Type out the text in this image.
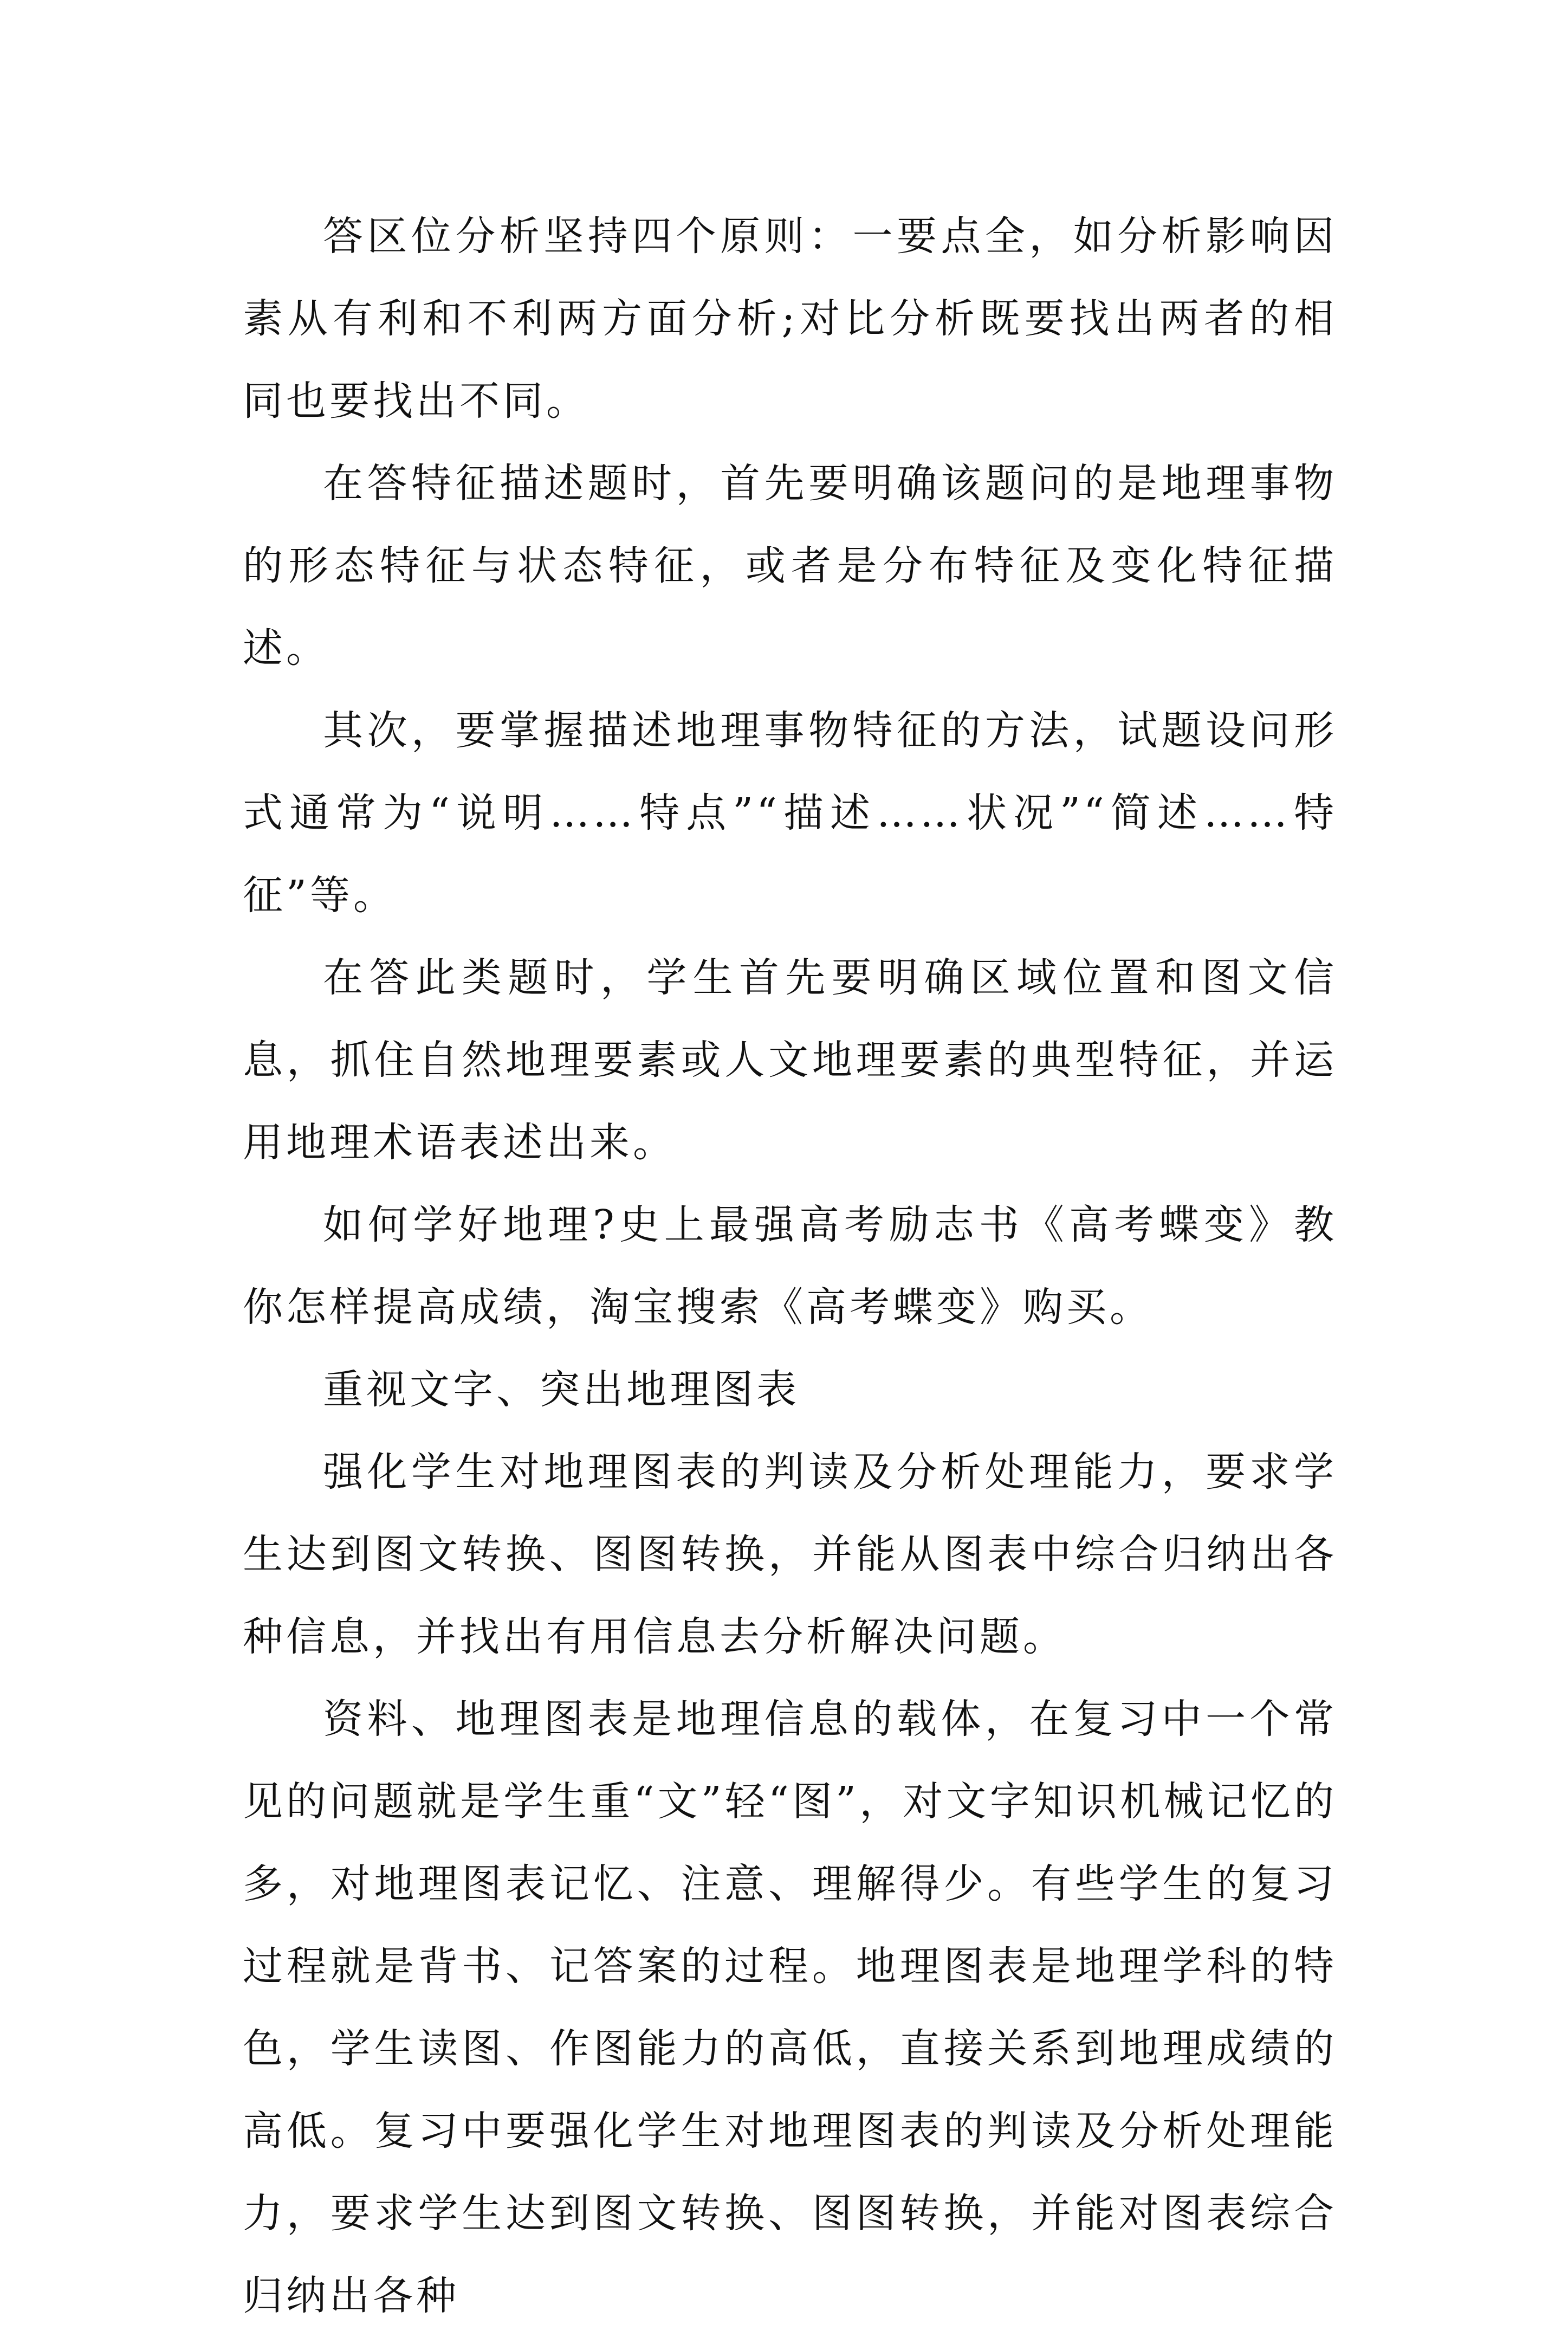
答区位分析坚持四个原则：一要点全，如分析影响因素从有利和不利两方面分析;对比分析既要找出两者的相同也要找出不同。

在答特征描述题时，首先要明确该题问的是地理事物的形态特征与状态特征，或者是分布特征及变化特征描述。

其次，要掌握描述地理事物特征的方法，试题设问形式通常为“说明……特点”“描述……状况”“简述……特征”等。

在答此类题时，学生首先要明确区域位置和图文信息，抓住自然地理要素或人文地理要素的典型特征，并运用地理术语表述出来。

如何学好地理?史上最强高考励志书《高考蝶变》教你怎样提高成绩，淘宝搜索《高考蝶变》购买。

重视文字、突出地理图表

强化学生对地理图表的判读及分析处理能力，要求学生达到图文转换、图图转换，并能从图表中综合归纳出各种信息，并找出有用信息去分析解决问题。

资料、地理图表是地理信息的载体，在复习中一个常见的问题就是学生重“文”轻“图”，对文字知识机械记忆的多，对地理图表记忆、注意、理解得少。有些学生的复习过程就是背书、记答案的过程。地理图表是地理学科的特色，学生读图、作图能力的高低，直接关系到地理成绩的高低。复习中要强化学生对地理图表的判读及分析处理能力，要求学生达到图文转换、图图转换，并能对图表综合归纳出各种
